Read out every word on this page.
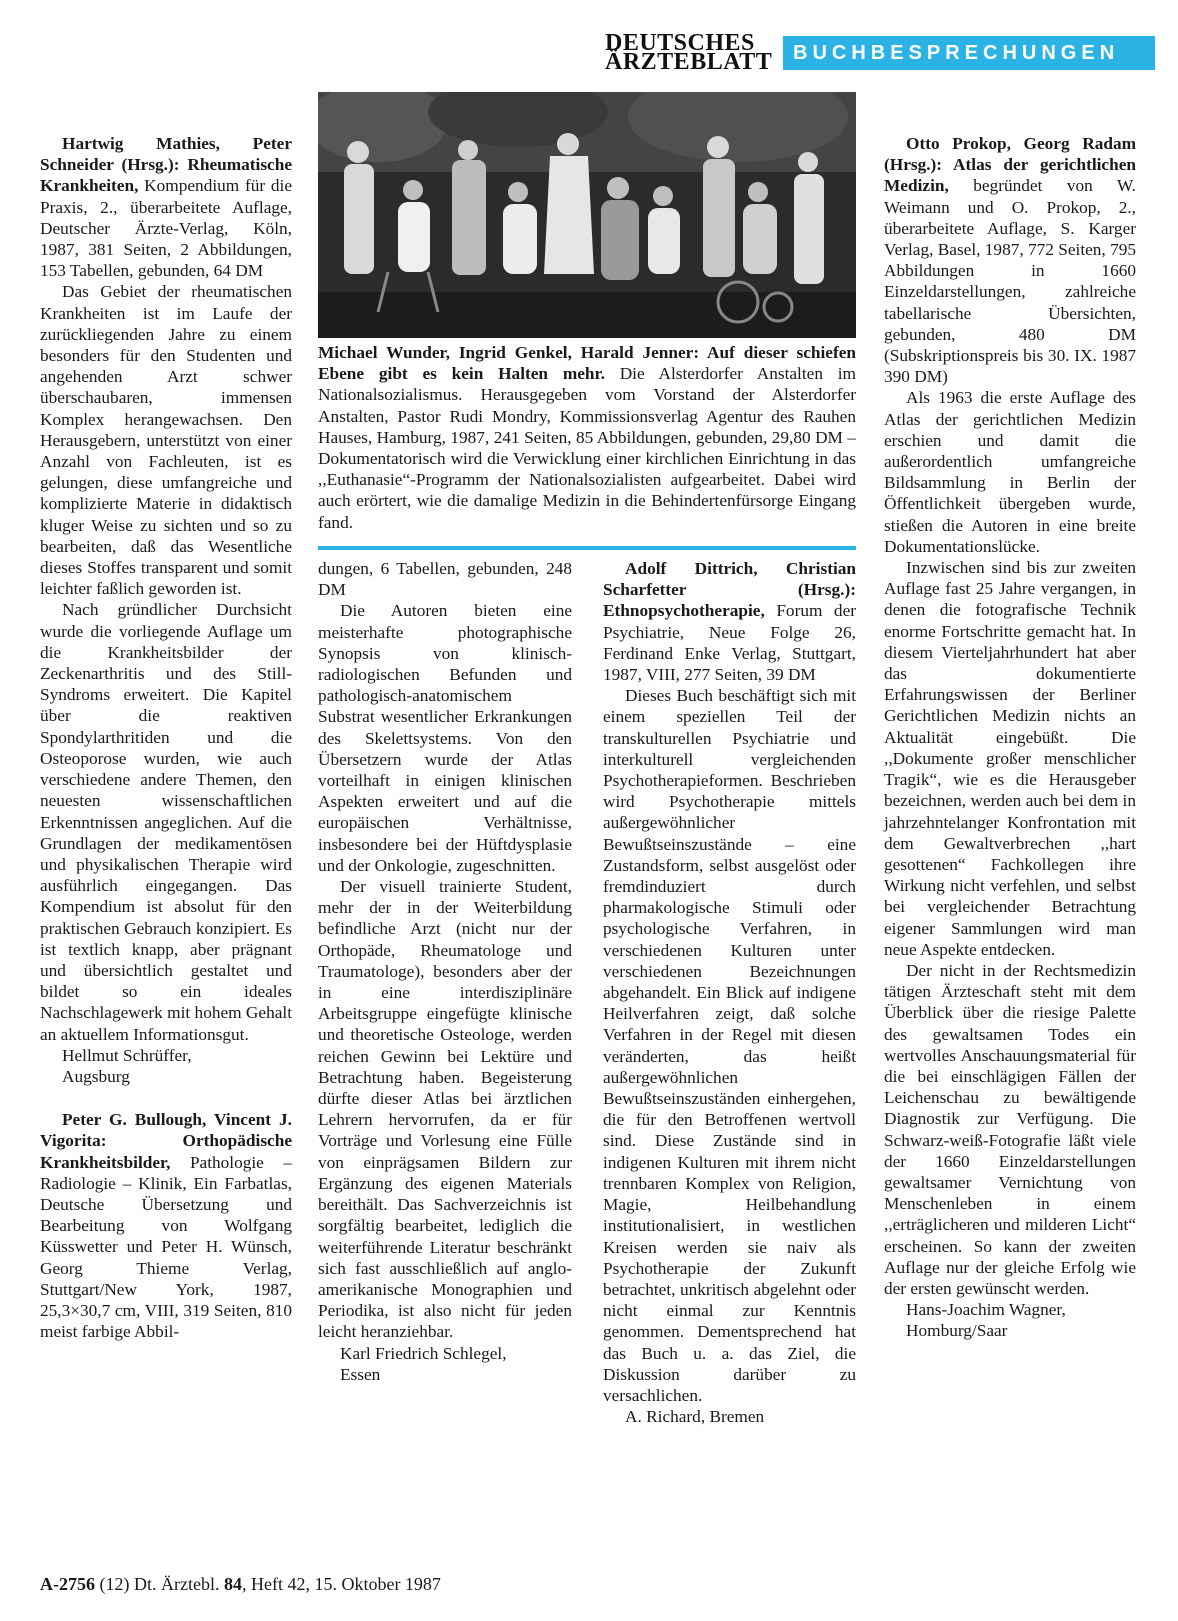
DEUTSCHES
ÄRZTEBLATT	BUCHBESPRECHUNGEN

Hartwig Mathies, Peter Schneider (Hrsg.): Rheumatische Krankheiten, Kompendium für die Praxis, 2., überarbeitete Auflage, Deutscher Ärzte-Verlag, Köln, 1987, 381 Seiten, 2 Abbildungen, 153 Tabellen, gebunden, 64 DM

Das Gebiet der rheumatischen Krankheiten ist im Laufe der zurückliegenden Jahre zu einem besonders für den Studenten und angehenden Arzt schwer überschaubaren, immensen Komplex herangewachsen. Den Herausgebern, unterstützt von einer Anzahl von Fachleuten, ist es gelungen, diese umfangreiche und komplizierte Materie in didaktisch kluger Weise zu sichten und so zu bearbeiten, daß das Wesentliche dieses Stoffes transparent und somit leichter faßlich geworden ist.

Nach gründlicher Durchsicht wurde die vorliegende Auflage um die Krankheitsbilder der Zeckenarthritis und des Still-Syndroms erweitert. Die Kapitel über die reaktiven Spondylarthritiden und die Osteoporose wurden, wie auch verschiedene andere Themen, den neuesten wissenschaftlichen Erkenntnissen angeglichen. Auf die Grundlagen der medikamentösen und physikalischen Therapie wird ausführlich eingegangen. Das Kompendium ist absolut für den praktischen Gebrauch konzipiert. Es ist textlich knapp, aber prägnant und übersichtlich gestaltet und bildet so ein ideales Nachschlagewerk mit hohem Gehalt an aktuellem Informationsgut.

Hellmut Schrüffer,

Augsburg

Peter G. Bullough, Vincent J. Vigorita: Orthopädische Krankheitsbilder, Pathologie – Radiologie – Klinik, Ein Farbatlas, Deutsche Übersetzung und Bearbeitung von Wolfgang Küsswetter und Peter H. Wünsch, Georg Thieme Verlag, Stuttgart/New York, 1987, 25,3×30,7 cm, VIII, 319 Seiten, 810 meist farbige Abbil-

Michael Wunder, Ingrid Genkel, Harald Jenner: Auf dieser schiefen Ebene gibt es kein Halten mehr. Die Alsterdorfer Anstalten im Nationalsozialismus. Herausgegeben vom Vorstand der Alsterdorfer Anstalten, Pastor Rudi Mondry, Kommissionsverlag Agentur des Rauhen Hauses, Hamburg, 1987, 241 Seiten, 85 Abbildungen, gebunden, 29,80 DM – Dokumentatorisch wird die Verwicklung einer kirchlichen Einrichtung in das ,,Euthanasie“-Programm der Nationalsozialisten aufgearbeitet. Dabei wird auch erörtert, wie die damalige Medizin in die Behindertenfürsorge Eingang fand.

dungen, 6 Tabellen, gebunden, 248 DM

Die Autoren bieten eine meisterhafte photographische Synopsis von klinisch-radiologischen Befunden und pathologisch-anatomischem Substrat wesentlicher Erkrankungen des Skelettsystems. Von den Übersetzern wurde der Atlas vorteilhaft in einigen klinischen Aspekten erweitert und auf die europäischen Verhältnisse, insbesondere bei der Hüftdysplasie und der Onkologie, zugeschnitten.

Der visuell trainierte Student, mehr der in der Weiterbildung befindliche Arzt (nicht nur der Orthopäde, Rheumatologe und Traumatologe), besonders aber der in eine interdisziplinäre Arbeitsgruppe eingefügte klinische und theoretische Osteologe, werden reichen Gewinn bei Lektüre und Betrachtung haben. Begeisterung dürfte dieser Atlas bei ärztlichen Lehrern hervorrufen, da er für Vorträge und Vorlesung eine Fülle von einprägsamen Bildern zur Ergänzung des eigenen Materials bereithält. Das Sachverzeichnis ist sorgfältig bearbeitet, lediglich die weiterführende Literatur beschränkt sich fast ausschließlich auf anglo-amerikanische Monographien und Periodika, ist also nicht für jeden leicht heranziehbar.

Karl Friedrich Schlegel,

Essen

Adolf Dittrich, Christian Scharfetter (Hrsg.): Ethnopsychotherapie, Forum der Psychiatrie, Neue Folge 26, Ferdinand Enke Verlag, Stuttgart, 1987, VIII, 277 Seiten, 39 DM

Dieses Buch beschäftigt sich mit einem speziellen Teil der transkulturellen Psychiatrie und interkulturell vergleichenden Psychotherapieformen. Beschrieben wird Psychotherapie mittels außergewöhnlicher Bewußtseinszustände – eine Zustandsform, selbst ausgelöst oder fremdinduziert durch pharmakologische Stimuli oder psychologische Verfahren, in verschiedenen Kulturen unter verschiedenen Bezeichnungen abgehandelt. Ein Blick auf indigene Heilverfahren zeigt, daß solche Verfahren in der Regel mit diesen veränderten, das heißt außergewöhnlichen Bewußtseinszuständen einhergehen, die für den Betroffenen wertvoll sind. Diese Zustände sind in indigenen Kulturen mit ihrem nicht trennbaren Komplex von Religion, Magie, Heilbehandlung institutionalisiert, in westlichen Kreisen werden sie naiv als Psychotherapie der Zukunft betrachtet, unkritisch abgelehnt oder nicht einmal zur Kenntnis genommen. Dementsprechend hat das Buch u. a. das Ziel, die Diskussion darüber zu versachlichen.

A. Richard, Bremen

Otto Prokop, Georg Radam (Hrsg.): Atlas der gerichtlichen Medizin, begründet von W. Weimann und O. Prokop, 2., überarbeitete Auflage, S. Karger Verlag, Basel, 1987, 772 Seiten, 795 Abbildungen in 1660 Einzeldarstellungen, zahlreiche tabellarische Übersichten, gebunden, 480 DM (Subskriptionspreis bis 30. IX. 1987 390 DM)

Als 1963 die erste Auflage des Atlas der gerichtlichen Medizin erschien und damit die außerordentlich umfangreiche Bildsammlung in Berlin der Öffentlichkeit übergeben wurde, stießen die Autoren in eine breite Dokumentationslücke.

Inzwischen sind bis zur zweiten Auflage fast 25 Jahre vergangen, in denen die fotografische Technik enorme Fortschritte gemacht hat. In diesem Vierteljahrhundert hat aber das dokumentierte Erfahrungswissen der Berliner Gerichtlichen Medizin nichts an Aktualität eingebüßt. Die ,,Dokumente großer menschlicher Tragik“, wie es die Herausgeber bezeichnen, werden auch bei dem in jahrzehntelanger Konfrontation mit dem Gewaltverbrechen ,,hart gesottenen“ Fachkollegen ihre Wirkung nicht verfehlen, und selbst bei vergleichender Betrachtung eigener Sammlungen wird man neue Aspekte entdecken.

Der nicht in der Rechtsmedizin tätigen Ärzteschaft steht mit dem Überblick über die riesige Palette des gewaltsamen Todes ein wertvolles Anschauungsmaterial für die bei einschlägigen Fällen der Leichenschau zu bewältigende Diagnostik zur Verfügung. Die Schwarz-weiß-Fotografie läßt viele der 1660 Einzeldarstellungen gewaltsamer Vernichtung von Menschenleben in einem ,,erträglicheren und milderen Licht“ erscheinen. So kann der zweiten Auflage nur der gleiche Erfolg wie der ersten gewünscht werden.

Hans-Joachim Wagner,

Homburg/Saar

A-2756 (12) Dt. Ärztebl. 84, Heft 42, 15. Oktober 1987
